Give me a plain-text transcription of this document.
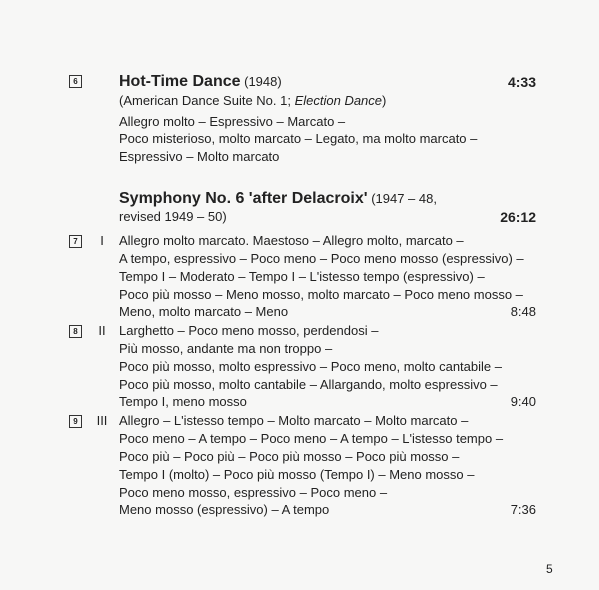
6	Hot-Time Dance (1948)	4:33
(American Dance Suite No. 1; Election Dance)
Allegro molto – Espressivo – Marcato –
Poco misterioso, molto marcato – Legato, ma molto marcato –
Espressivo – Molto marcato
Symphony No. 6 'after Delacroix' (1947 – 48,
revised 1949 – 50)	26:12
7	I	Allegro molto marcato. Maestoso – Allegro molto, marcato –
A tempo, espressivo – Poco meno – Poco meno mosso (espressivo) –
Tempo I – Moderato – Tempo I – L'istesso tempo (espressivo) –
Poco più mosso – Meno mosso, molto marcato – Poco meno mosso –
Meno, molto marcato – Meno	8:48
8	II	Larghetto – Poco meno mosso, perdendosi –
Più mosso, andante ma non troppo –
Poco più mosso, molto espressivo – Poco meno, molto cantabile –
Poco più mosso, molto cantabile – Allargando, molto espressivo –
Tempo I, meno mosso	9:40
9	III Allegro – L'istesso tempo – Molto marcato – Molto marcato –
Poco meno – A tempo – Poco meno – A tempo – L'istesso tempo –
Poco più – Poco più – Poco più mosso – Poco più mosso –
Tempo I (molto) – Poco più mosso (Tempo I) – Meno mosso –
Poco meno mosso, espressivo – Poco meno –
Meno mosso (espressivo) – A tempo	7:36
5
